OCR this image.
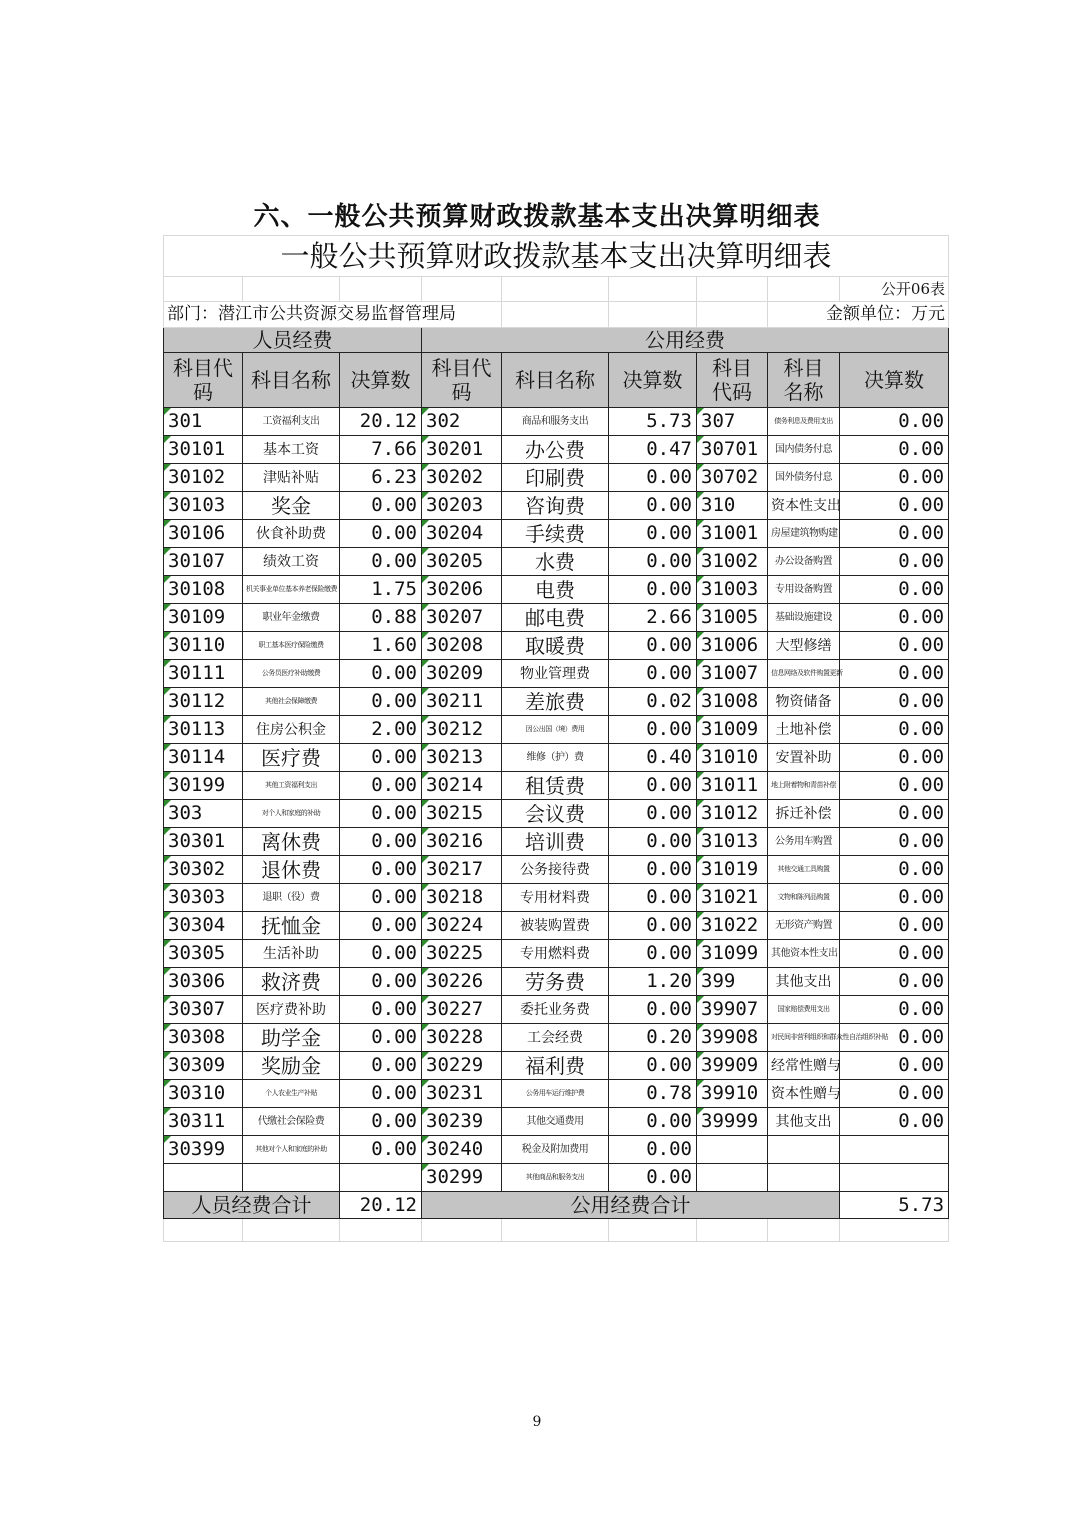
六、一般公共预算财政拨款基本支出决算明细表
一般公共预算财政拨款基本支出决算明细表								
								公开06表
部门：潜江市公共资源交易监督管理局							金额单位：万元	
人员经费			公用经费					
科目代码	科目名称	决算数	科目代码	科目名称	决算数	科目代码	科目名称	决算数
301	工资福利支出	20.12	302	商品和服务支出	5.73	307	债务利息及费用支出	0.00
30101	基本工资	7.66	30201	办公费	0.47	30701	国内债务付息	0.00
30102	津贴补贴	6.23	30202	印刷费	0.00	30702	国外债务付息	0.00
30103	奖金	0.00	30203	咨询费	0.00	310	资本性支出	0.00
30106	伙食补助费	0.00	30204	手续费	0.00	31001	房屋建筑物购建	0.00
30107	绩效工资	0.00	30205	水费	0.00	31002	办公设备购置	0.00
30108	机关事业单位基本养老保险缴费	1.75	30206	电费	0.00	31003	专用设备购置	0.00
30109	职业年金缴费	0.88	30207	邮电费	2.66	31005	基础设施建设	0.00
30110	职工基本医疗保险缴费	1.60	30208	取暖费	0.00	31006	大型修缮	0.00
30111	公务员医疗补助缴费	0.00	30209	物业管理费	0.00	31007	信息网络及软件购置更新	0.00
30112	其他社会保障缴费	0.00	30211	差旅费	0.02	31008	物资储备	0.00
30113	住房公积金	2.00	30212	因公出国（境）费用	0.00	31009	土地补偿	0.00
30114	医疗费	0.00	30213	维修（护）费	0.40	31010	安置补助	0.00
30199	其他工资福利支出	0.00	30214	租赁费	0.00	31011	地上附着物和青苗补偿	0.00
303	对个人和家庭的补助	0.00	30215	会议费	0.00	31012	拆迁补偿	0.00
30301	离休费	0.00	30216	培训费	0.00	31013	公务用车购置	0.00
30302	退休费	0.00	30217	公务接待费	0.00	31019	其他交通工具购置	0.00
30303	退职（役）费	0.00	30218	专用材料费	0.00	31021	文物和陈列品购置	0.00
30304	抚恤金	0.00	30224	被装购置费	0.00	31022	无形资产购置	0.00
30305	生活补助	0.00	30225	专用燃料费	0.00	31099	其他资本性支出	0.00
30306	救济费	0.00	30226	劳务费	1.20	399	其他支出	0.00
30307	医疗费补助	0.00	30227	委托业务费	0.00	39907	国家赔偿费用支出	0.00
30308	助学金	0.00	30228	工会经费	0.20	39908	对民间非营利组织和群众性自治组织补贴	0.00
30309	奖励金	0.00	30229	福利费	0.00	39909	经常性赠与	0.00
30310	个人农业生产补贴	0.00	30231	公务用车运行维护费	0.78	39910	资本性赠与	0.00
30311	代缴社会保险费	0.00	30239	其他交通费用	0.00	39999	其他支出	0.00
30399	其他对个人和家庭的补助	0.00	30240	税金及附加费用	0.00			
			30299	其他商品和服务支出	0.00			
人员经费合计		20.12	公用经费合计					5.73

9
